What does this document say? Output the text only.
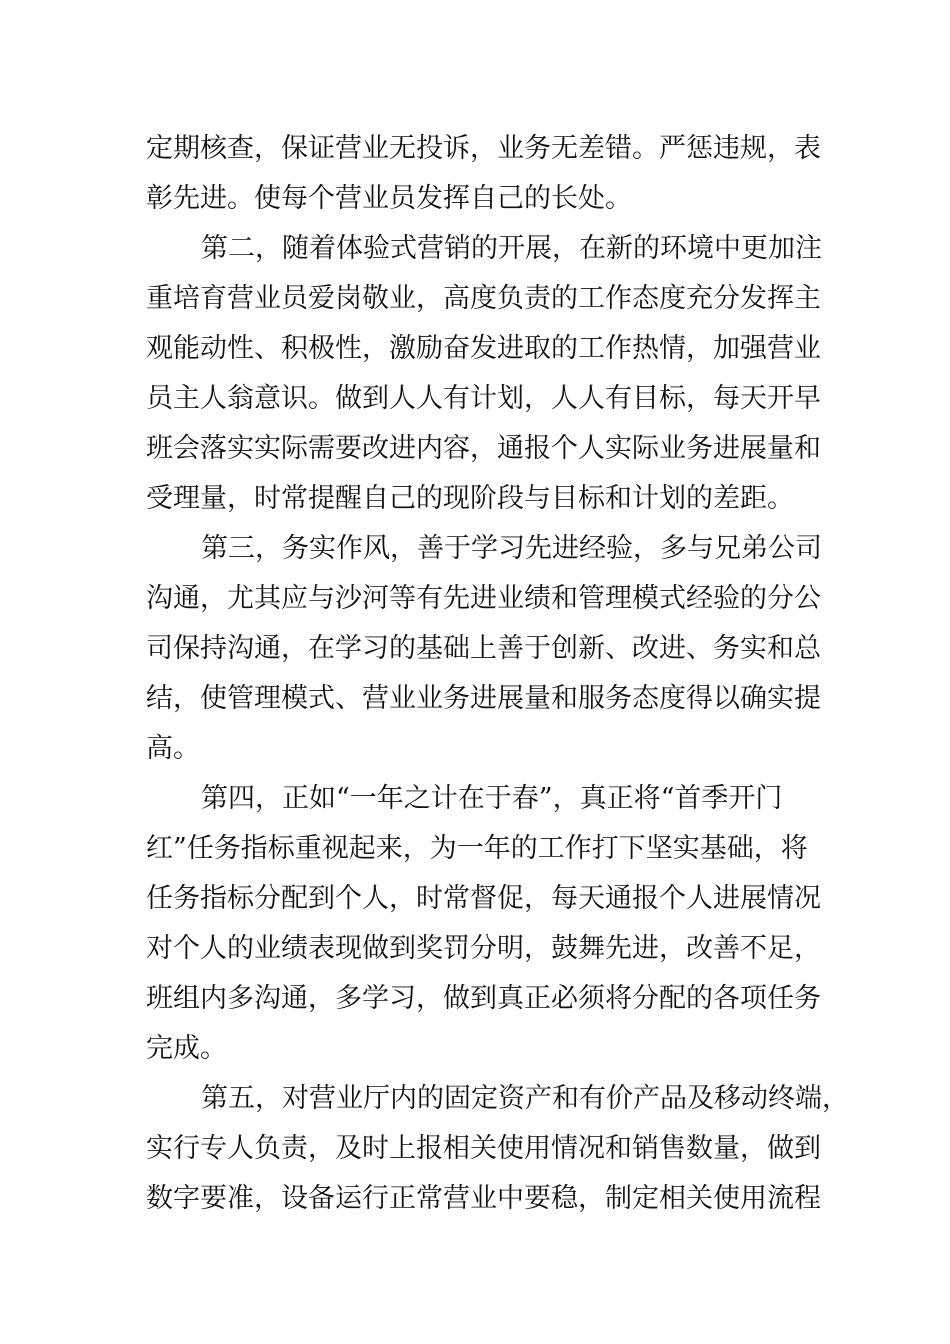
定期核查，保证营业无投诉，业务无差错。严惩违规，表
彰先进。使每个营业员发挥自己的长处。
第二，随着体验式营销的开展，在新的环境中更加注
重培育营业员爱岗敬业，高度负责的工作态度充分发挥主
观能动性、积极性，激励奋发进取的工作热情，加强营业
员主人翁意识。做到人人有计划，人人有目标，每天开早
班会落实实际需要改进内容，通报个人实际业务进展量和
受理量，时常提醒自己的现阶段与目标和计划的差距。
第三，务实作风，善于学习先进经验，多与兄弟公司
沟通，尤其应与沙河等有先进业绩和管理模式经验的分公
司保持沟通，在学习的基础上善于创新、改进、务实和总
结，使管理模式、营业业务进展量和服务态度得以确实提
高。
第四，正如“一年之计在于春”，真正将“首季开门
红”任务指标重视起来，为一年的工作打下坚实基础，将
任务指标分配到个人，时常督促，每天通报个人进展情况
对个人的业绩表现做到奖罚分明，鼓舞先进，改善不足，
班组内多沟通，多学习，做到真正必须将分配的各项任务
完成。
第五，对营业厅内的固定资产和有价产品及移动终端，
实行专人负责，及时上报相关使用情况和销售数量，做到
数字要准，设备运行正常营业中要稳，制定相关使用流程
